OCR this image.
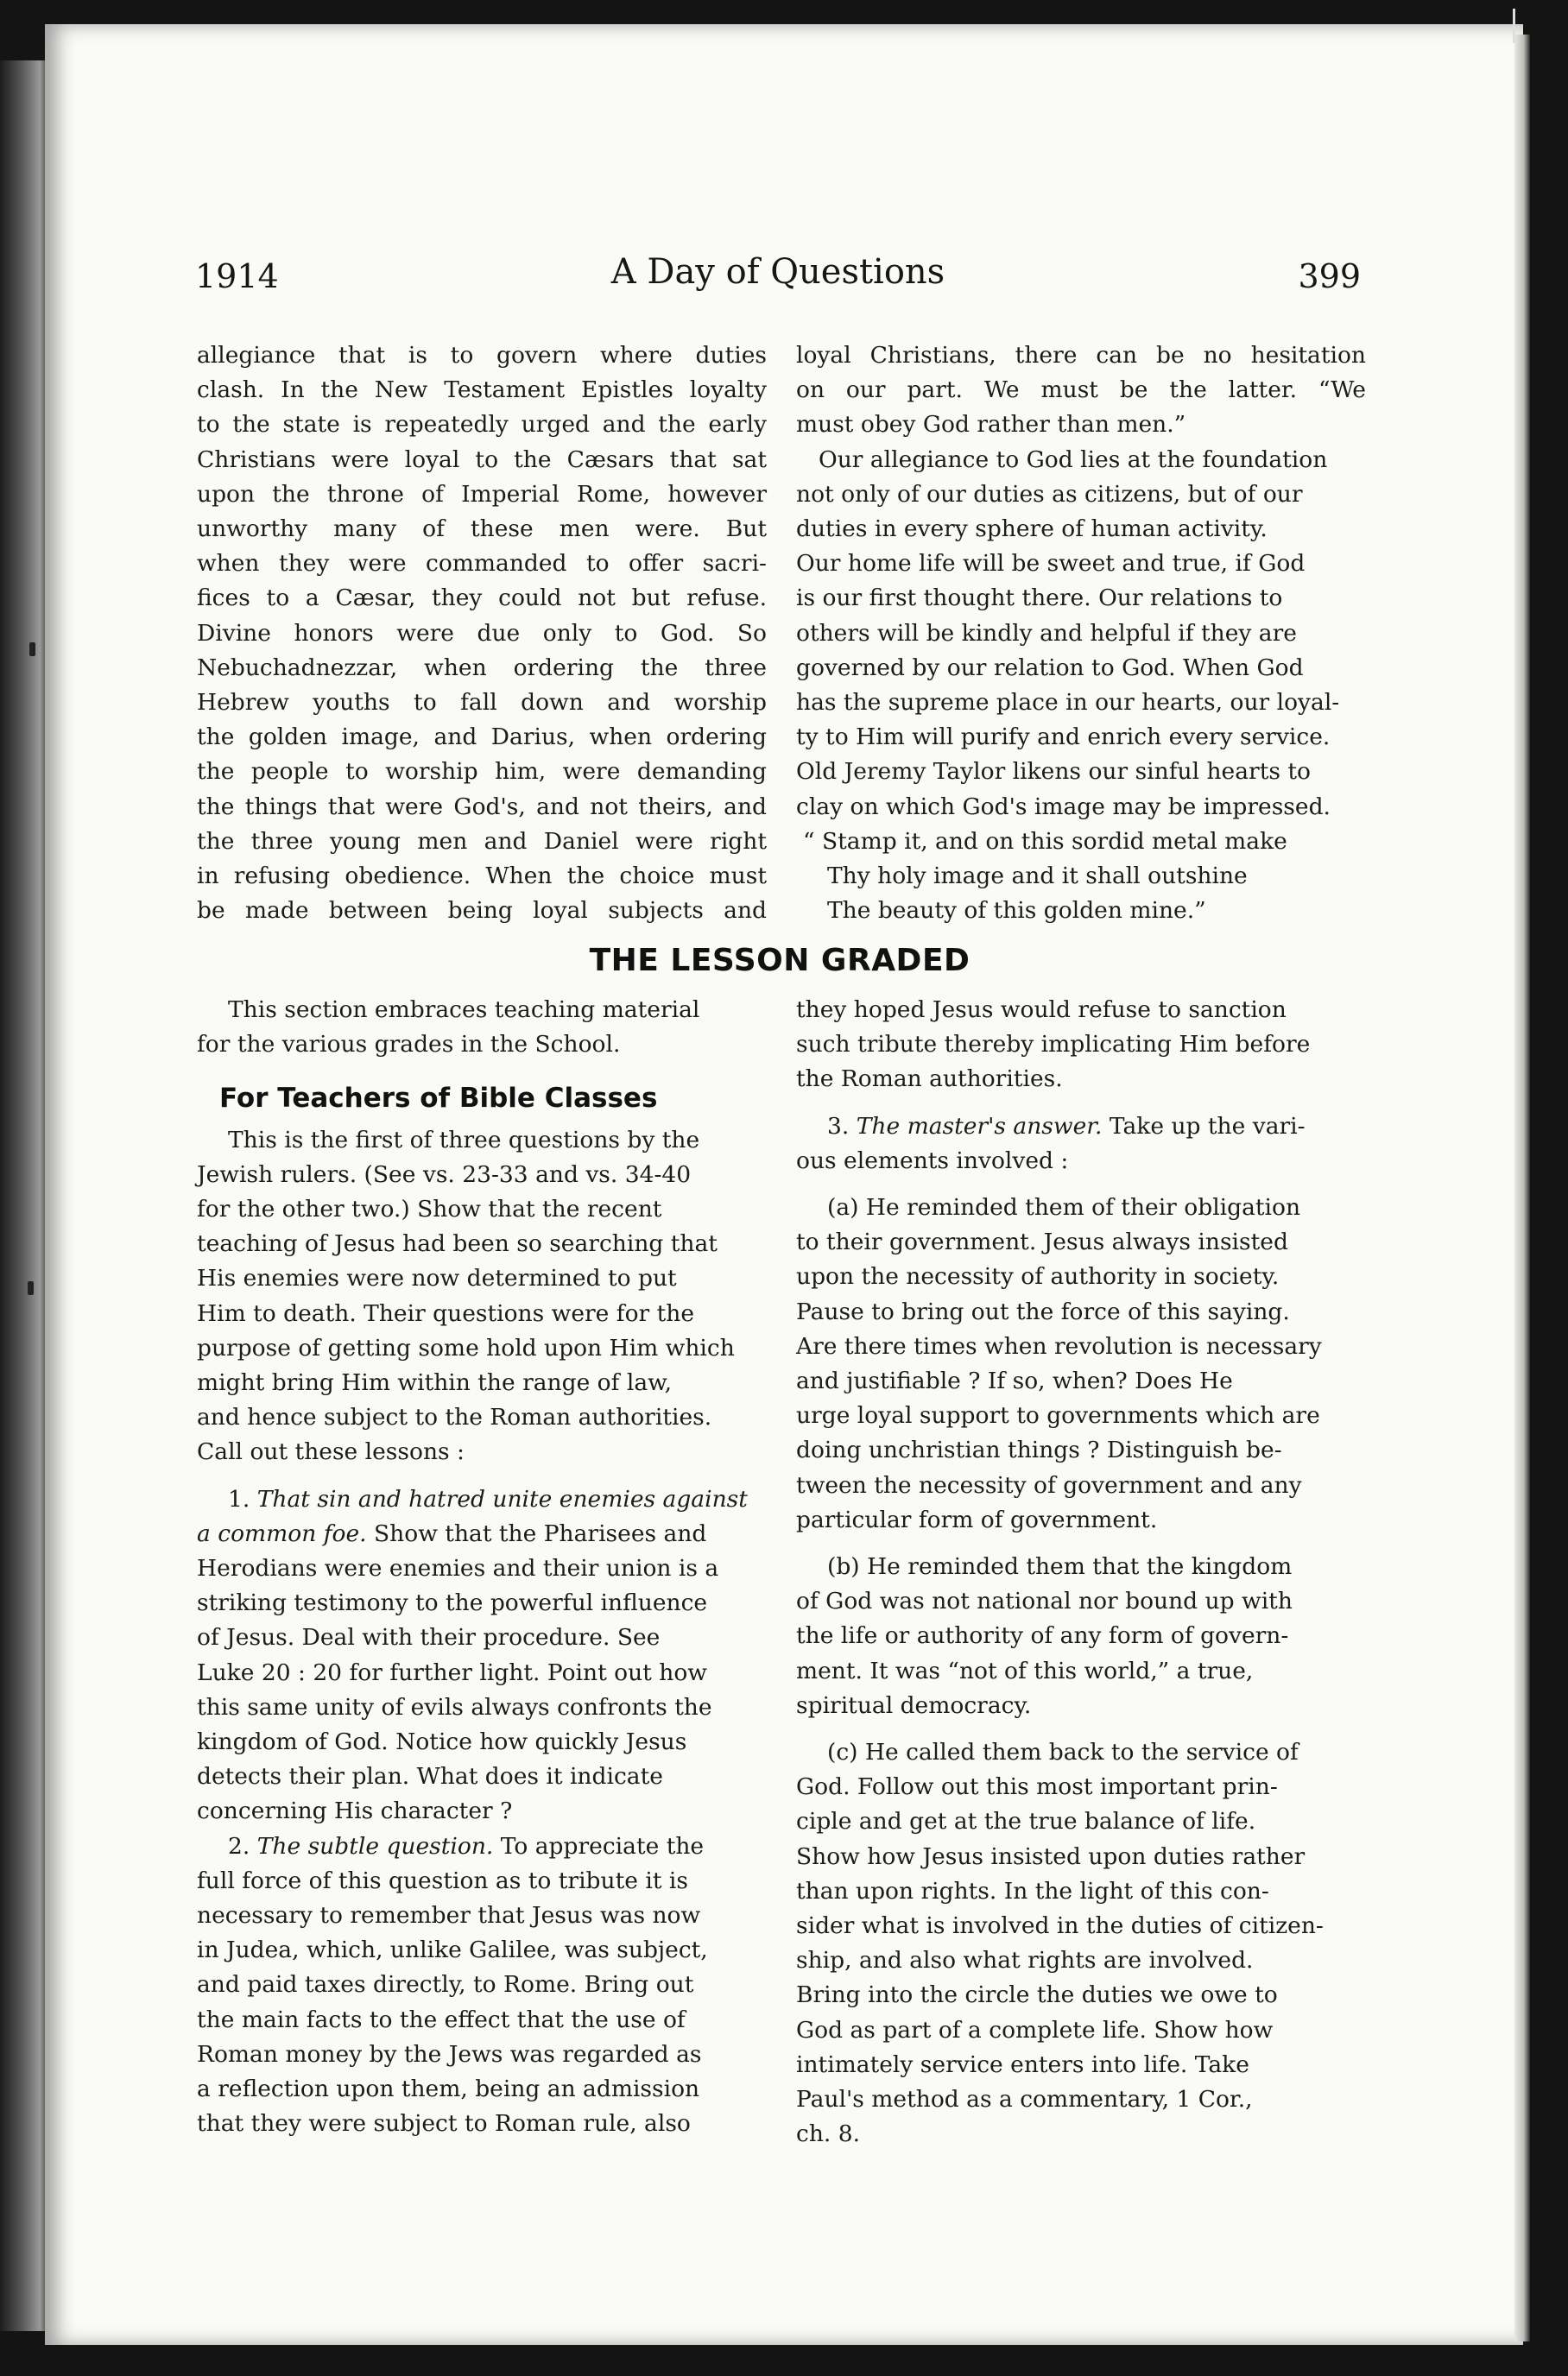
1914	A Day of Questions	399

allegiance that is to govern where duties
clash. In the New Testament Epistles loyalty
to the state is repeatedly urged and the early
Christians were loyal to the Cæsars that sat
upon the throne of Imperial Rome, however
unworthy many of these men were. But
when they were commanded to offer sacri-
fices to a Cæsar, they could not but refuse.
Divine honors were due only to God. So
Nebuchadnezzar, when ordering the three
Hebrew youths to fall down and worship
the golden image, and Darius, when ordering
the people to worship him, were demanding
the things that were God's, and not theirs, and
the three young men and Daniel were right
in refusing obedience. When the choice must
be made between being loyal subjects and

loyal Christians, there can be no hesitation
on our part. We must be the latter. “We
must obey God rather than men.”
Our allegiance to God lies at the foundation
not only of our duties as citizens, but of our
duties in every sphere of human activity.
Our home life will be sweet and true, if God
is our first thought there. Our relations to
others will be kindly and helpful if they are
governed by our relation to God. When God
has the supreme place in our hearts, our loyal-
ty to Him will purify and enrich every service.
Old Jeremy Taylor likens our sinful hearts to
clay on which God's image may be impressed.
“ Stamp it, and on this sordid metal make
Thy holy image and it shall outshine
The beauty of this golden mine.”
THE LESSON GRADED
This section embraces teaching material
for the various grades in the School.
For Teachers of Bible Classes
This is the first of three questions by the
Jewish rulers. (See vs. 23-33 and vs. 34-40
for the other two.) Show that the recent
teaching of Jesus had been so searching that
His enemies were now determined to put
Him to death. Their questions were for the
purpose of getting some hold upon Him which
might bring Him within the range of law,
and hence subject to the Roman authorities.
Call out these lessons :
1. That sin and hatred unite enemies against
a common foe. Show that the Pharisees and
Herodians were enemies and their union is a
striking testimony to the powerful influence
of Jesus. Deal with their procedure. See
Luke 20 : 20 for further light. Point out how
this same unity of evils always confronts the
kingdom of God. Notice how quickly Jesus
detects their plan. What does it indicate
concerning His character ?
2. The subtle question. To appreciate the
full force of this question as to tribute it is
necessary to remember that Jesus was now
in Judea, which, unlike Galilee, was subject,
and paid taxes directly, to Rome. Bring out
the main facts to the effect that the use of
Roman money by the Jews was regarded as
a reflection upon them, being an admission
that they were subject to Roman rule, also
they hoped Jesus would refuse to sanction
such tribute thereby implicating Him before
the Roman authorities.
3. The master's answer. Take up the vari-
ous elements involved :
(a) He reminded them of their obligation
to their government. Jesus always insisted
upon the necessity of authority in society.
Pause to bring out the force of this saying.
Are there times when revolution is necessary
and justifiable ? If so, when? Does He
urge loyal support to governments which are
doing unchristian things ? Distinguish be-
tween the necessity of government and any
particular form of government.
(b) He reminded them that the kingdom
of God was not national nor bound up with
the life or authority of any form of govern-
ment. It was “not of this world,” a true,
spiritual democracy.
(c) He called them back to the service of
God. Follow out this most important prin-
ciple and get at the true balance of life.
Show how Jesus insisted upon duties rather
than upon rights. In the light of this con-
sider what is involved in the duties of citizen-
ship, and also what rights are involved.
Bring into the circle the duties we owe to
God as part of a complete life. Show how
intimately service enters into life. Take
Paul's method as a commentary, 1 Cor.,
ch. 8.
